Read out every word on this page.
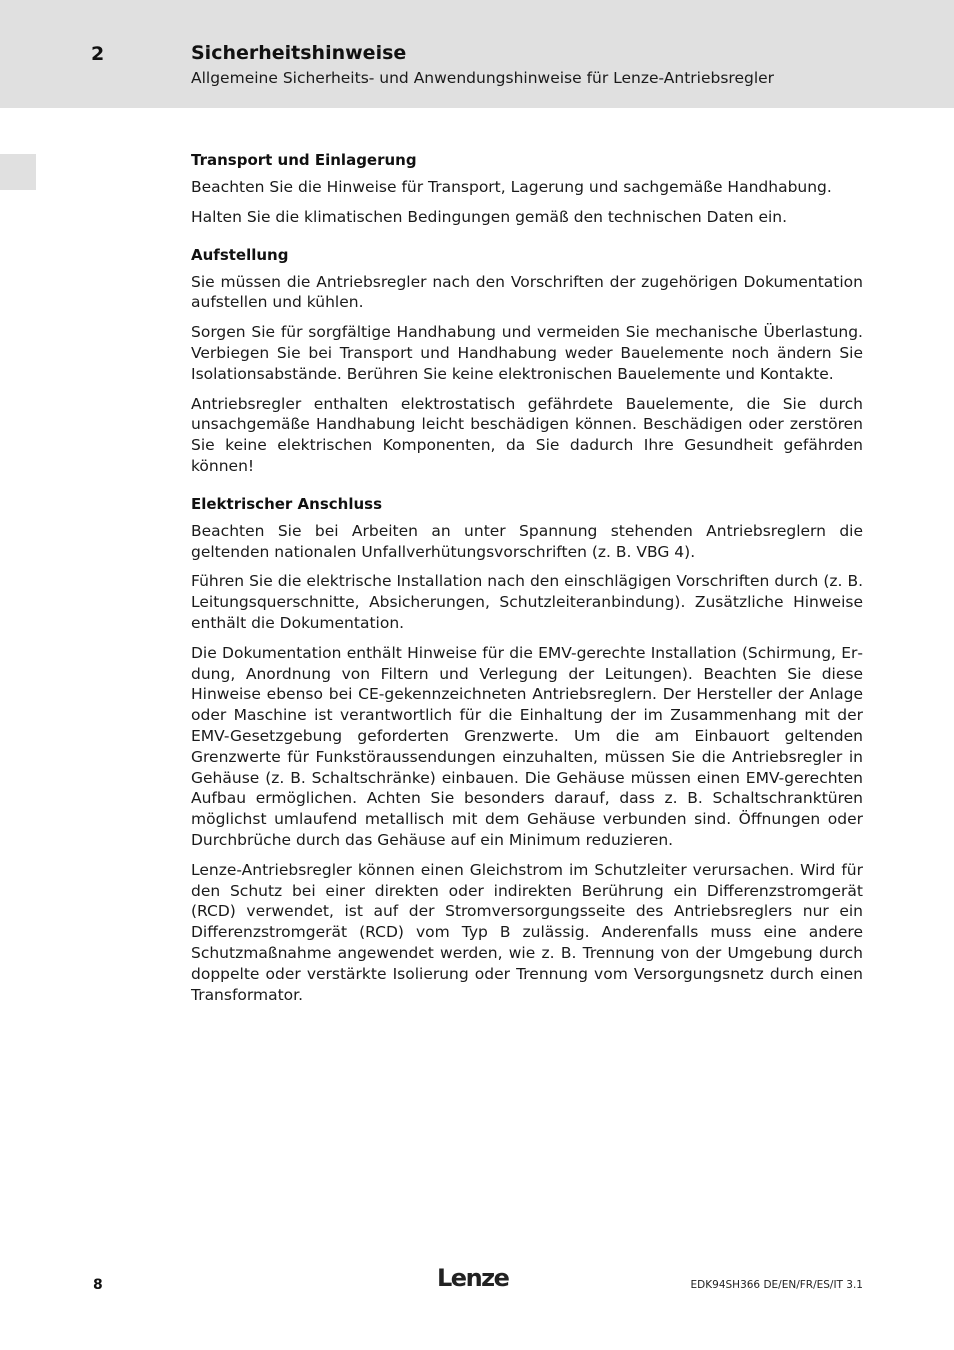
2	Sicherheitshinweise
Allgemeine Sicherheits- und Anwendungshinweise für Lenze-Antriebsregler
Transport und Einlagerung

Beachten Sie die Hinweise für Transport, Lagerung und sachgemäße Handhabung.

Halten Sie die klimatischen Bedingungen gemäß den technischen Daten ein.

Aufstellung

Sie müssen die Antriebsregler nach den Vorschriften der zugehörigen Dokumentation aufstellen und kühlen.

Sorgen Sie für sorgfältige Handhabung und vermeiden Sie mechanische Überlastung. Verbiegen Sie bei Transport und Handhabung weder Bauelemente noch ändern Sie Isolationsabstände. Berühren Sie keine elektronischen Bauelemente und Kontakte.

Antriebsregler enthalten elektrostatisch gefährdete Bauelemente, die Sie durch unsachgemäße Handhabung leicht beschädigen können. Beschädigen oder zerstören Sie keine elektrischen Komponenten, da Sie dadurch Ihre Gesundheit gefährden können!

Elektrischer Anschluss

Beachten Sie bei Arbeiten an unter Spannung stehenden Antriebsreglern die geltenden nationalen Unfallverhütungsvorschriften (z. B. VBG 4).

Führen Sie die elektrische Installation nach den einschlägigen Vorschriften durch (z. B. Leitungsquerschnitte, Absicherungen, Schutzleiteranbindung). Zusätzliche Hinweise enthält die Dokumentation.

Die Dokumentation enthält Hinweise für die EMV-gerechte Installation (Schirmung, Erdung, Anordnung von Filtern und Verlegung der Leitungen). Beachten Sie diese Hinweise ebenso bei CE-gekennzeichneten Antriebsreglern. Der Hersteller der Anlage oder Maschine ist verantwortlich für die Einhaltung der im Zusammenhang mit der EMV-Gesetzgebung geforderten Grenzwerte. Um die am Einbauort geltenden Grenzwerte für Funkstöraussendungen einzuhalten, müssen Sie die Antriebsregler in Gehäuse (z. B. Schaltschränke) einbauen. Die Gehäuse müssen einen EMV-gerechten Aufbau ermöglichen. Achten Sie besonders darauf, dass z. B. Schaltschranktüren möglichst umlaufend metallisch mit dem Gehäuse verbunden sind. Öffnungen oder Durchbrüche durch das Gehäuse auf ein Minimum reduzieren.

Lenze-Antriebsregler können einen Gleichstrom im Schutzleiter verursachen. Wird für den Schutz bei einer direkten oder indirekten Berührung ein Differenzstromgerät (RCD) verwendet, ist auf der Stromversorgungsseite des Antriebsreglers nur ein Differenzstromgerät (RCD) vom Typ B zulässig. Anderenfalls muss eine andere Schutzmaßnahme angewendet werden, wie z. B. Trennung von der Umgebung durch doppelte oder verstärkte Isolierung oder Trennung vom Versorgungsnetz durch einen Transformator.

8	Lenze	EDK94SH366 DE/EN/FR/ES/IT 3.1
